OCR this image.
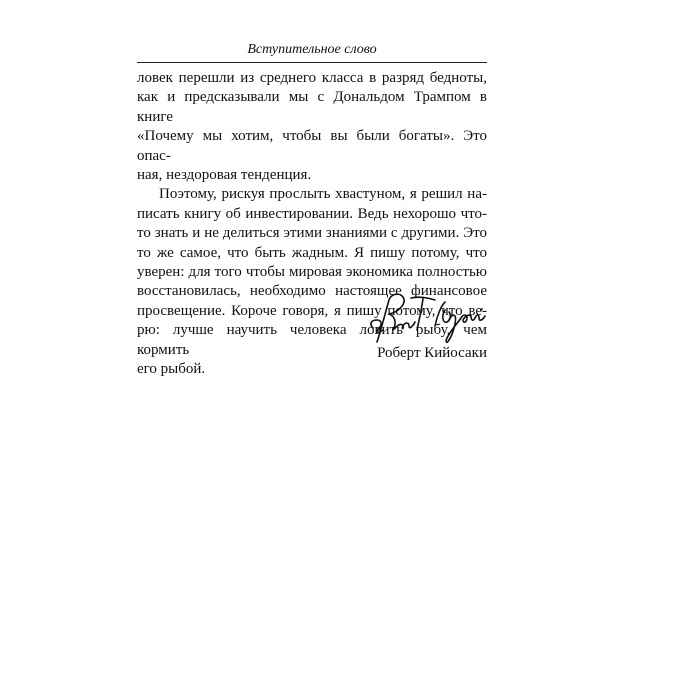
Вступительное слово
ловек перешли из среднего класса в разряд бедноты,
как и предсказывали мы с Дональдом Трампом в книге
«Почему мы хотим, чтобы вы были богаты». Это опас-
ная, нездоровая тенденция.
Поэтому, рискуя прослыть хвастуном, я решил на-
писать книгу об инвестировании. Ведь нехорошо что-
то знать и не делиться этими знаниями с другими. Это
то же самое, что быть жадным. Я пишу потому, что
уверен: для того чтобы мировая экономика полностью
восстановилась, необходимо настоящее финансовое
просвещение. Короче говоря, я пишу потому, что ве-
рю: лучше научить человека ловить рыбу, чем кормить
его рыбой.
Роберт Кийосаки
